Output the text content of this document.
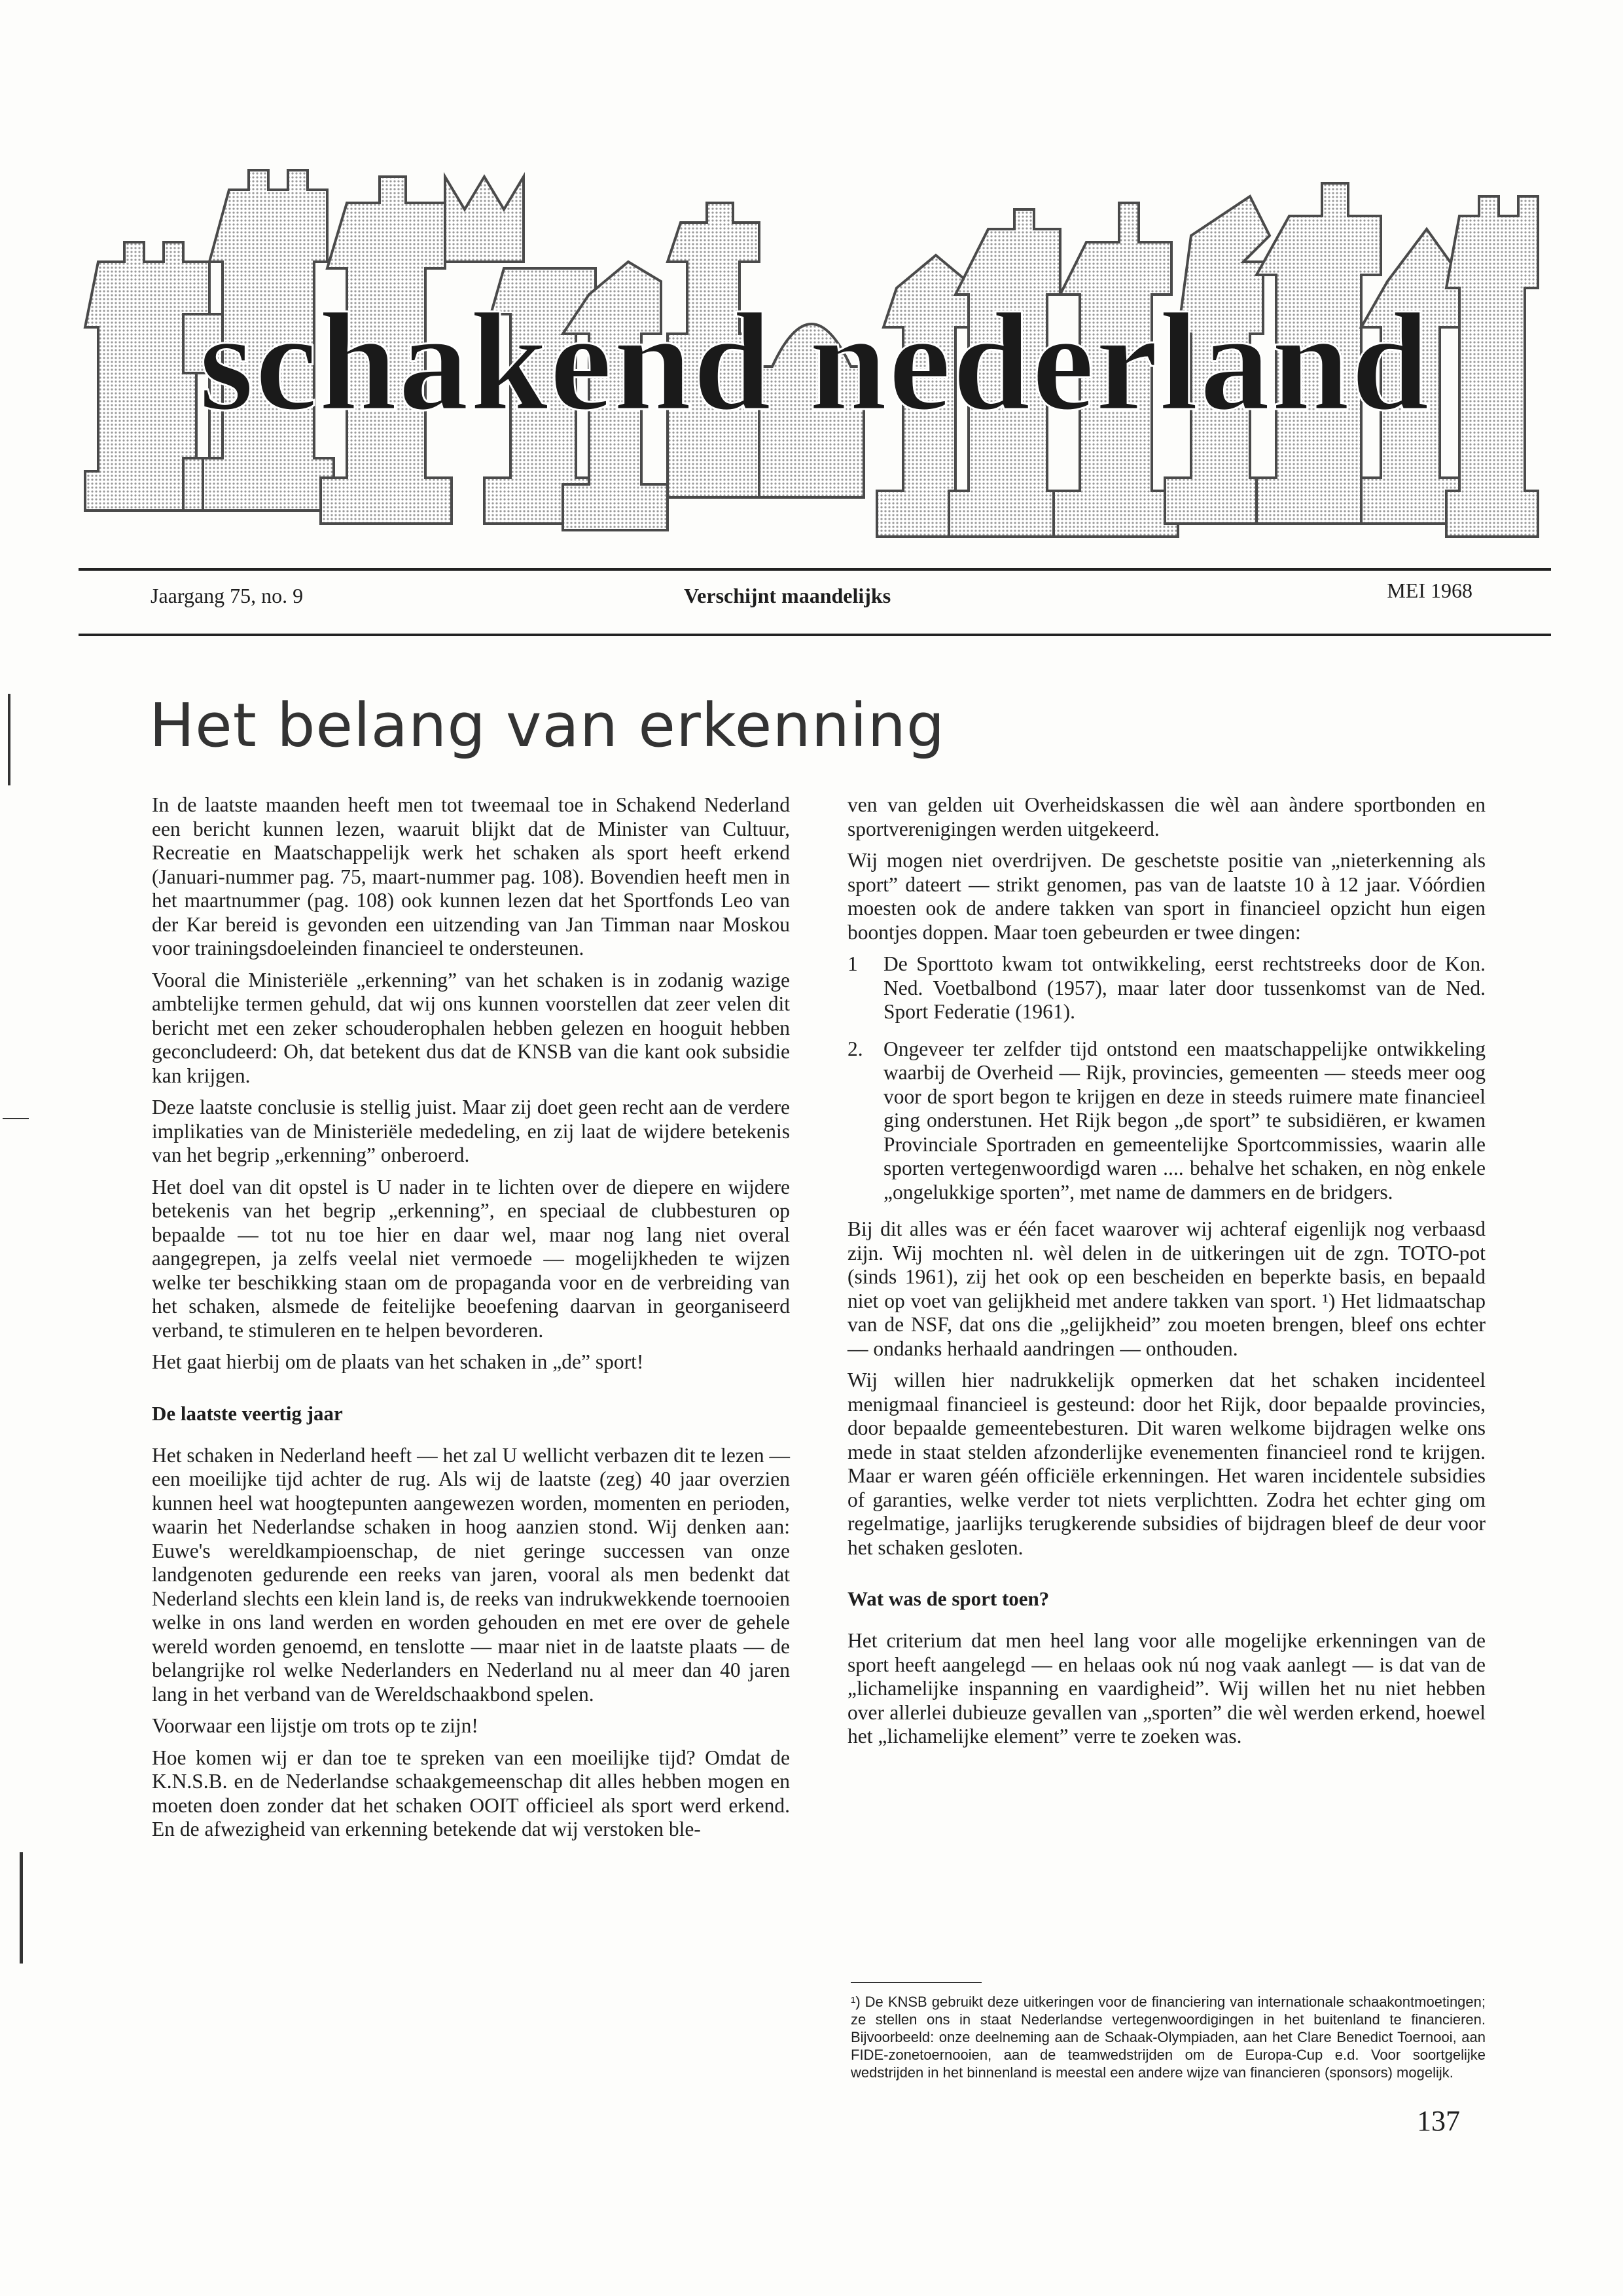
schakend nederland
Jaargang 75, no. 9	Verschijnt maandelijks	MEI 1968
Het belang van erkenning

In de laatste maanden heeft men tot tweemaal toe in Schakend Nederland een bericht kunnen lezen, waaruit blijkt dat de Minister van Cultuur, Recreatie en Maatschappelijk werk het schaken als sport heeft erkend (Januari-nummer pag. 75, maart-nummer pag. 108). Bovendien heeft men in het maartnummer (pag. 108) ook kunnen lezen dat het Sportfonds Leo van der Kar bereid is gevonden een uitzending van Jan Timman naar Moskou voor trainingsdoeleinden financieel te ondersteunen.

Vooral die Ministeriële „erkenning” van het schaken is in zodanig wazige ambtelijke termen gehuld, dat wij ons kunnen voorstellen dat zeer velen dit bericht met een zeker schouderophalen hebben gelezen en hooguit hebben geconcludeerd: Oh, dat betekent dus dat de KNSB van die kant ook subsidie kan krijgen.

Deze laatste conclusie is stellig juist. Maar zij doet geen recht aan de verdere implikaties van de Ministeriële mededeling, en zij laat de wijdere betekenis van het begrip „erkenning” onberoerd.

Het doel van dit opstel is U nader in te lichten over de diepere en wijdere betekenis van het begrip „erkenning”, en speciaal de clubbesturen op bepaalde — tot nu toe hier en daar wel, maar nog lang niet overal aangegrepen, ja zelfs veelal niet vermoede — mogelijkheden te wijzen welke ter beschikking staan om de propaganda voor en de verbreiding van het schaken, alsmede de feitelijke beoefening daarvan in georganiseerd verband, te stimuleren en te helpen bevorderen.

Het gaat hierbij om de plaats van het schaken in „de” sport!

De laatste veertig jaar

Het schaken in Nederland heeft — het zal U wellicht verbazen dit te lezen — een moeilijke tijd achter de rug. Als wij de laatste (zeg) 40 jaar overzien kunnen heel wat hoogtepunten aangewezen worden, momenten en perioden, waarin het Nederlandse schaken in hoog aanzien stond. Wij denken aan: Euwe's wereldkampioenschap, de niet geringe successen van onze landgenoten gedurende een reeks van jaren, vooral als men bedenkt dat Nederland slechts een klein land is, de reeks van indrukwekkende toernooien welke in ons land werden en worden gehouden en met ere over de gehele wereld worden genoemd, en tenslotte — maar niet in de laatste plaats — de belangrijke rol welke Nederlanders en Nederland nu al meer dan 40 jaren lang in het verband van de Wereldschaakbond spelen.

Voorwaar een lijstje om trots op te zijn!

Hoe komen wij er dan toe te spreken van een moeilijke tijd? Omdat de K.N.S.B. en de Nederlandse schaakgemeenschap dit alles hebben mogen en moeten doen zonder dat het schaken OOIT officieel als sport werd erkend. En de afwezigheid van erkenning betekende dat wij verstoken ble-

ven van gelden uit Overheidskassen die wèl aan àndere sportbonden en sportverenigingen werden uitgekeerd.

Wij mogen niet overdrijven. De geschetste positie van „nieterkenning als sport” dateert — strikt genomen, pas van de laatste 10 à 12 jaar. Vóórdien moesten ook de andere takken van sport in financieel opzicht hun eigen boontjes doppen. Maar toen gebeurden er twee dingen:

1 De Sporttoto kwam tot ontwikkeling, eerst rechtstreeks door de Kon. Ned. Voetbalbond (1957), maar later door tussenkomst van de Ned. Sport Federatie (1961).
2. Ongeveer ter zelfder tijd ontstond een maatschappelijke ontwikkeling waarbij de Overheid — Rijk, provincies, gemeenten — steeds meer oog voor de sport begon te krijgen en deze in steeds ruimere mate financieel ging onderstunen. Het Rijk begon „de sport” te subsidiëren, er kwamen Provinciale Sportraden en gemeentelijke Sportcommissies, waarin alle sporten vertegenwoordigd waren .... behalve het schaken, en nòg enkele „ongelukkige sporten”, met name de dammers en de bridgers.

Bij dit alles was er één facet waarover wij achteraf eigenlijk nog verbaasd zijn. Wij mochten nl. wèl delen in de uitkeringen uit de zgn. TOTO-pot (sinds 1961), zij het ook op een bescheiden en beperkte basis, en bepaald niet op voet van gelijkheid met andere takken van sport. ¹) Het lidmaatschap van de NSF, dat ons die „gelijkheid” zou moeten brengen, bleef ons echter — ondanks herhaald aandringen — onthouden.

Wij willen hier nadrukkelijk opmerken dat het schaken incidenteel menigmaal financieel is gesteund: door het Rijk, door bepaalde provincies, door bepaalde gemeentebesturen. Dit waren welkome bijdragen welke ons mede in staat stelden afzonderlijke evenementen financieel rond te krijgen. Maar er waren géén officiële erkenningen. Het waren incidentele subsidies of garanties, welke verder tot niets verplichtten. Zodra het echter ging om regelmatige, jaarlijks terugkerende subsidies of bijdragen bleef de deur voor het schaken gesloten.

Wat was de sport toen?

Het criterium dat men heel lang voor alle mogelijke erkenningen van de sport heeft aangelegd — en helaas ook nú nog vaak aanlegt — is dat van de „lichamelijke inspanning en vaardigheid”. Wij willen het nu niet hebben over allerlei dubieuze gevallen van „sporten” die wèl werden erkend, hoewel het „lichamelijke element” verre te zoeken was.

¹) De KNSB gebruikt deze uitkeringen voor de financiering van internationale schaakontmoetingen; ze stellen ons in staat Nederlandse vertegenwoordigingen in het buitenland te financieren. Bijvoorbeeld: onze deelneming aan de Schaak-Olympiaden, aan het Clare Benedict Toernooi, aan FIDE-zonetoernooien, aan de teamwedstrijden om de Europa-Cup e.d. Voor soortgelijke wedstrijden in het binnenland is meestal een andere wijze van financieren (sponsors) mogelijk.
137
